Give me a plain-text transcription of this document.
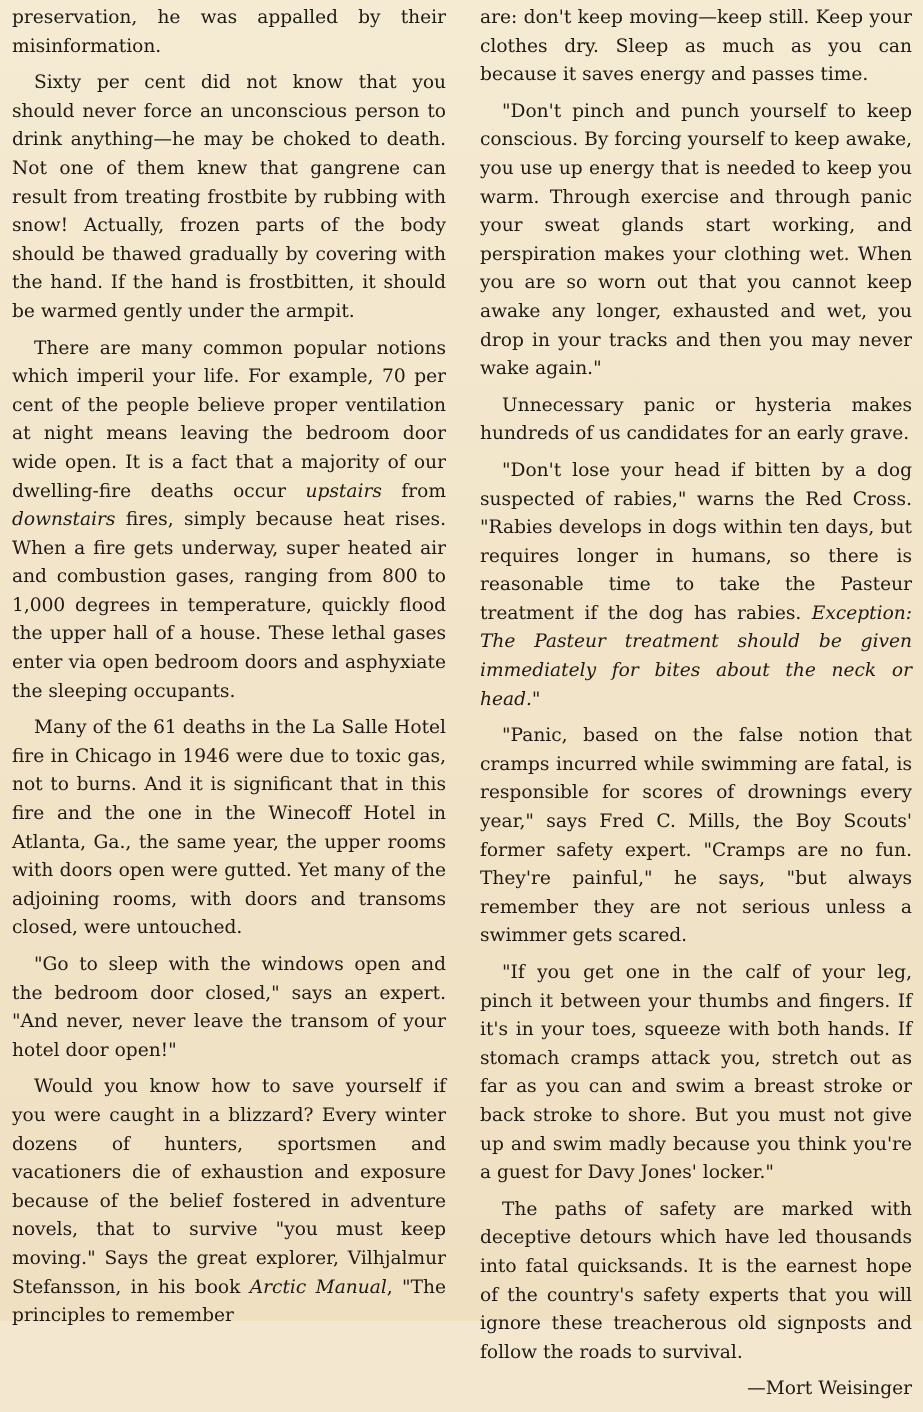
preservation, he was appalled by their misinformation.

Sixty per cent did not know that you should never force an unconscious person to drink anything—he may be choked to death. Not one of them knew that gangrene can result from treating frostbite by rubbing with snow! Actually, frozen parts of the body should be thawed gradually by covering with the hand. If the hand is frostbitten, it should be warmed gently under the armpit.

There are many common popular notions which imperil your life. For example, 70 per cent of the people believe proper ventilation at night means leaving the bedroom door wide open. It is a fact that a majority of our dwelling-fire deaths occur upstairs from downstairs fires, simply because heat rises. When a fire gets underway, super heated air and combustion gases, ranging from 800 to 1,000 degrees in temperature, quickly flood the upper hall of a house. These lethal gases enter via open bedroom doors and asphyxiate the sleeping occupants.

Many of the 61 deaths in the La Salle Hotel fire in Chicago in 1946 were due to toxic gas, not to burns. And it is significant that in this fire and the one in the Winecoff Hotel in Atlanta, Ga., the same year, the upper rooms with doors open were gutted. Yet many of the adjoining rooms, with doors and transoms closed, were untouched.

"Go to sleep with the windows open and the bedroom door closed," says an expert. "And never, never leave the transom of your hotel door open!"

Would you know how to save yourself if you were caught in a blizzard? Every winter dozens of hunters, sportsmen and vacationers die of exhaustion and exposure because of the belief fostered in adventure novels, that to survive "you must keep moving." Says the great explorer, Vilhjalmur Stefansson, in his book Arctic Manual, "The principles to remember

are: don't keep moving—keep still. Keep your clothes dry. Sleep as much as you can because it saves energy and passes time.

"Don't pinch and punch yourself to keep conscious. By forcing yourself to keep awake, you use up energy that is needed to keep you warm. Through exercise and through panic your sweat glands start working, and perspiration makes your clothing wet. When you are so worn out that you cannot keep awake any longer, exhausted and wet, you drop in your tracks and then you may never wake again."

Unnecessary panic or hysteria makes hundreds of us candidates for an early grave.

"Don't lose your head if bitten by a dog suspected of rabies," warns the Red Cross. "Rabies develops in dogs within ten days, but requires longer in humans, so there is reasonable time to take the Pasteur treatment if the dog has rabies. Exception: The Pasteur treatment should be given immediately for bites about the neck or head."

"Panic, based on the false notion that cramps incurred while swimming are fatal, is responsible for scores of drownings every year," says Fred C. Mills, the Boy Scouts' former safety expert. "Cramps are no fun. They're painful," he says, "but always remember they are not serious unless a swimmer gets scared.

"If you get one in the calf of your leg, pinch it between your thumbs and fingers. If it's in your toes, squeeze with both hands. If stomach cramps attack you, stretch out as far as you can and swim a breast stroke or back stroke to shore. But you must not give up and swim madly because you think you're a guest for Davy Jones' locker."

The paths of safety are marked with deceptive detours which have led thousands into fatal quicksands. It is the earnest hope of the country's safety experts that you will ignore these treacherous old signposts and follow the roads to survival.

—Mort Weisinger
